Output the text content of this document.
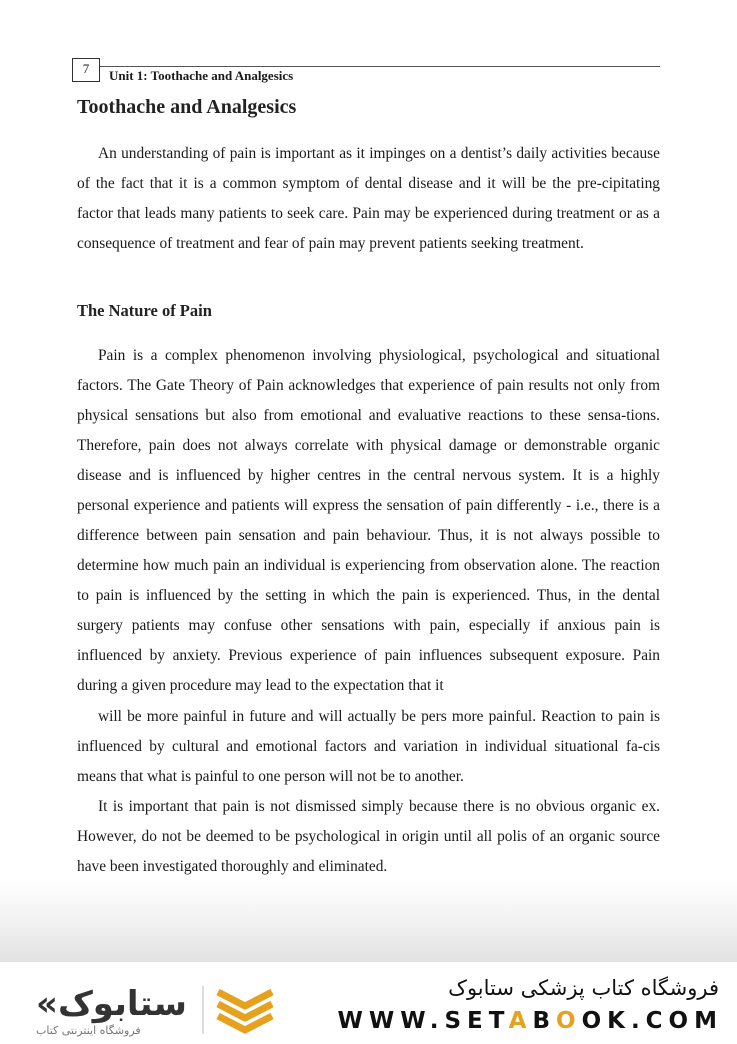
7	Unit 1: Toothache and Analgesics
Toothache and Analgesics

An understanding of pain is important as it impinges on a dentist’s daily activities because of the fact that it is a common symptom of dental disease and it will be the pre-cipitating factor that leads many patients to seek care. Pain may be experienced during treatment or as a consequence of treatment and fear of pain may prevent patients seeking treatment.

The Nature of Pain

Pain is a complex phenomenon involving physiological, psychological and situational factors. The Gate Theory of Pain acknowledges that experience of pain results not only from physical sensations but also from emotional and evaluative reactions to these sensa-tions. Therefore, pain does not always correlate with physical damage or demonstrable organic disease and is influenced by higher centres in the central nervous system. It is a highly personal experience and patients will express the sensation of pain differently - i.e., there is a difference between pain sensation and pain behaviour. Thus, it is not always possible to determine how much pain an individual is experiencing from observation alone. The reaction to pain is influenced by the setting in which the pain is experienced. Thus, in the dental surgery patients may confuse other sensations with pain, especially if anxious pain is influenced by anxiety. Previous experience of pain influences subsequent exposure. Pain during a given procedure may lead to the expectation that it

will be more painful in future and will actually be pers more painful. Reaction to pain is influenced by cultural and emotional factors and variation in individual situational fa-cis means that what is painful to one person will not be to another.

It is important that pain is not dismissed simply because there is no obvious organic ex. However, do not be deemed to be psychological in origin until all polis of an organic source have been investigated thoroughly and eliminated.

«ستابوک
فروشگاه اینترنتی کتاب
فروشگاه کتاب پزشکی ستابوک
WWW.SETABOOK.COM
